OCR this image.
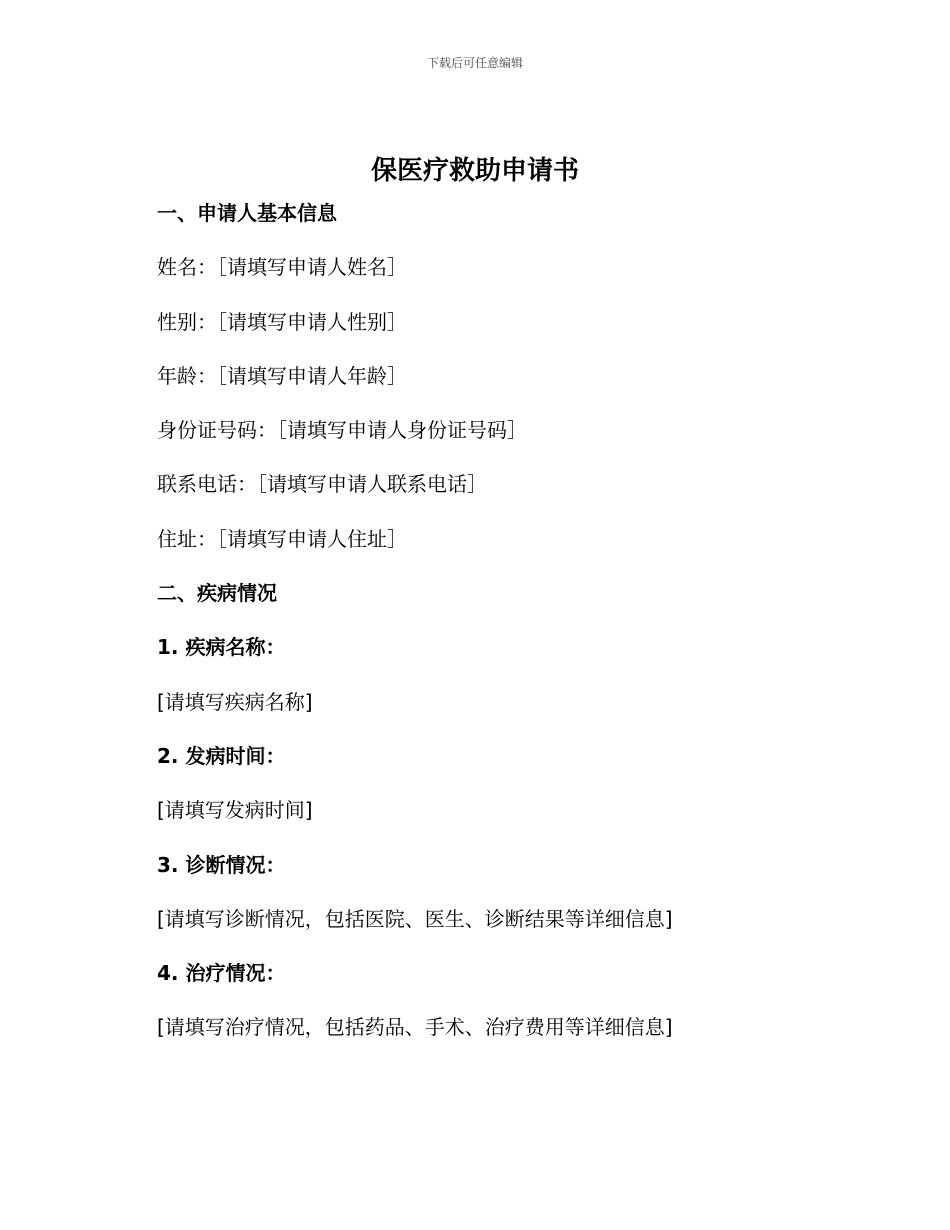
下载后可任意编辑
保医疗救助申请书
一、申请人基本信息
姓名：［请填写申请人姓名］
性别：［请填写申请人性别］
年龄：［请填写申请人年龄］
身份证号码：［请填写申请人身份证号码］
联系电话：［请填写申请人联系电话］
住址：［请填写申请人住址］
二、疾病情况
1. 疾病名称：
[请填写疾病名称]
2. 发病时间：
[请填写发病时间]
3. 诊断情况：
[请填写诊断情况，包括医院、医生、诊断结果等详细信息]
4. 治疗情况：
[请填写治疗情况，包括药品、手术、治疗费用等详细信息]
